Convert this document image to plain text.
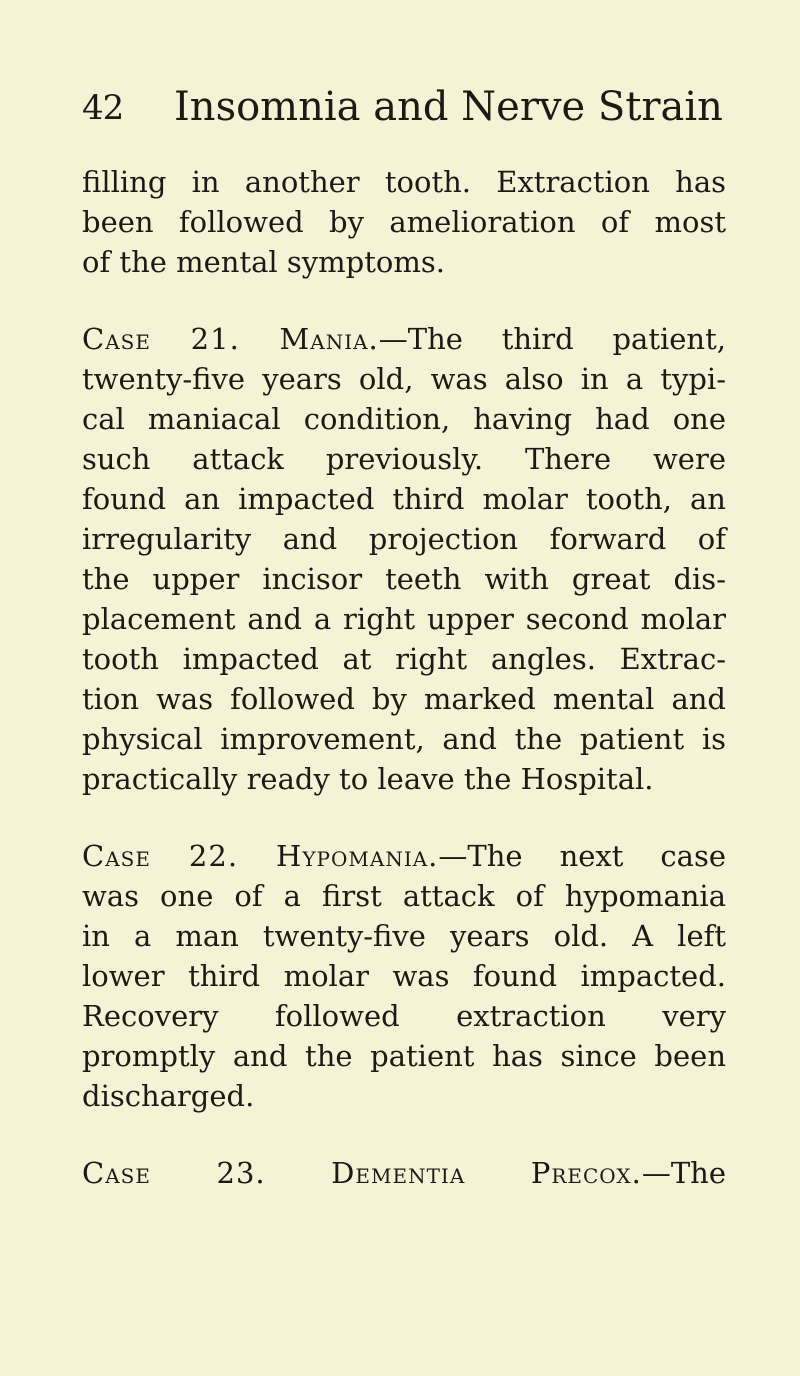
42 Insomnia and Nerve Strain
filling in another tooth. Extraction has
been followed by amelioration of most
of the mental symptoms.
Case 21. Mania.—The third patient,
twenty-five years old, was also in a typi-
cal maniacal condition, having had one
such attack previously. There were
found an impacted third molar tooth, an
irregularity and projection forward of
the upper incisor teeth with great dis-
placement and a right upper second molar
tooth impacted at right angles. Extrac-
tion was followed by marked mental and
physical improvement, and the patient is
practically ready to leave the Hospital.
Case 22. Hypomania.—The next case
was one of a first attack of hypomania
in a man twenty-five years old. A left
lower third molar was found impacted.
Recovery followed extraction very
promptly and the patient has since been
discharged.
Case 23. Dementia Precox.—The
